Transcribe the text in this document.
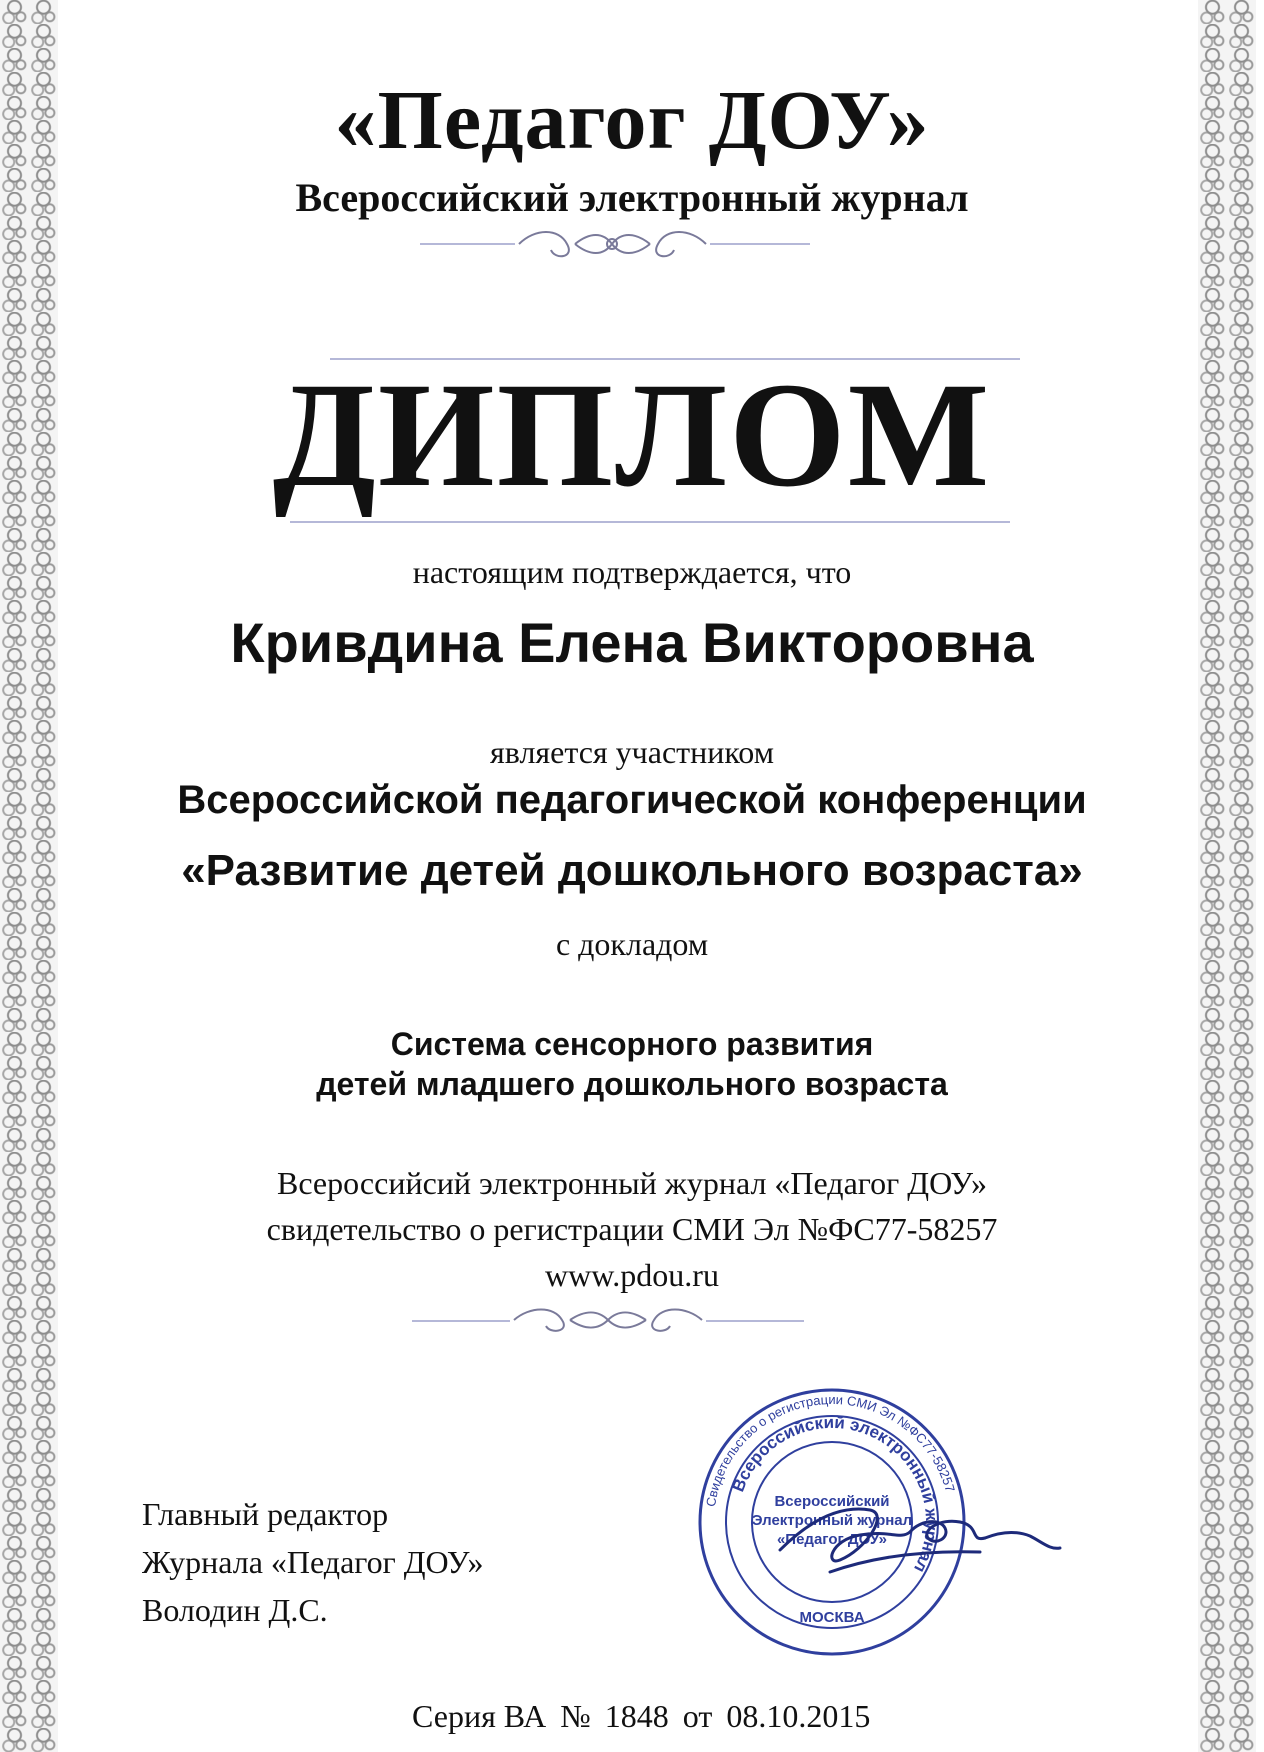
«Педагог ДОУ»
Всероссийский электронный журнал
ДИПЛОМ
настоящим подтверждается, что
Кривдина Елена Викторовна
является участником
Всероссийской педагогической конференции
«Развитие детей дошкольного возраста»
с докладом
Система сенсорного развития
детей младшего дошкольного возраста
Всероссийсий электронный журнал «Педагог ДОУ»
свидетельство о регистрации СМИ Эл №ФС77-58257
www.pdou.ru
Главный редактор
Журнала «Педагог ДОУ»
Володин Д.С.
Свидетельство о регистрации СМИ Эл №ФС77-58257
Всероссийский электронный журнал
Всероссийский
Электронный журнал
«Педагог ДОУ»
МОСКВА
Серия ВА № 1848 от 08.10.2015
